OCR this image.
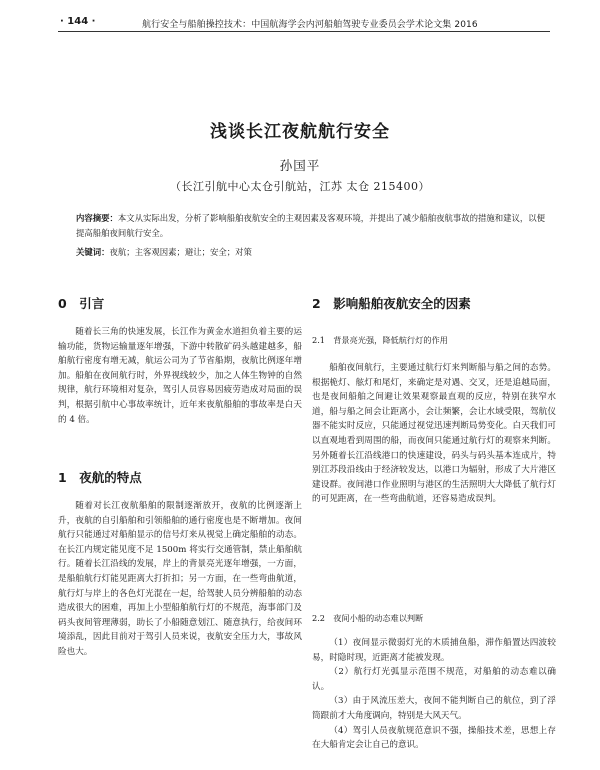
· 144 ·	航行安全与船舶操控技术：中国航海学会内河船舶驾驶专业委员会学术论文集 2016
浅谈长江夜航航行安全
孙国平
（长江引航中心太仓引航站，江苏 太仓 215400）
内容摘要：本文从实际出发，分析了影响船舶夜航安全的主观因素及客观环境，并提出了减少船舶夜航事故的措施和建议，以便提高船舶夜间航行安全。
关键词：夜航；主客观因素；避让；安全；对策
0　引言

随着长三角的快速发展，长江作为黄金水道担负着主要的运输功能，货物运输量逐年增强，下游中转散矿码头越建越多，船舶航行密度有增无减，航运公司为了节省船期，夜航比例逐年增加。船舶在夜间航行时，外界视线较少，加之人体生物钟的自然规律，航行环境相对复杂，驾引人员容易因疲劳造成对局面的误判，根据引航中心事故率统计，近年来夜航船舶的事故率是白天的 4 倍。

1　夜航的特点

随着对长江夜航船舶的限制逐渐放开，夜航的比例逐渐上升，夜航的自引船舶和引领船舶的通行密度也是不断增加。夜间航行只能通过对船舶显示的信号灯来从视觉上确定船舶的动态。在长江内规定能见度不足 1500m 将实行交通管制，禁止船舶航行。随着长江沿线的发展，岸上的背景亮光逐年增强，一方面，是船舶航行灯能见距离大打折扣；另一方面，在一些弯曲航道，航行灯与岸上的各色灯光混在一起，给驾驶人员分辨船舶的动态造成很大的困难，再加上小型船舶航行灯的不规范，海事部门及码头夜间管理薄弱，助长了小船随意划江、随意执行，给夜间环境添乱，因此目前对于驾引人员来说，夜航安全压力大，事故风险也大。

2　影响船舶夜航安全的因素
2.1　背景亮光强，降低航行灯的作用

船舶夜间航行，主要通过航行灯来判断船与船之间的态势。根据桅灯、舷灯和尾灯，来确定是对遇、交叉，还是追越局面，也是夜间船舶之间避让效果观察最直观的反应，特别在狭窄水道，船与船之间会让距离小，会让频繁，会让水域受限，驾航仪器不能实时反应，只能通过视觉迅速判断局势变化。白天我们可以直观地看到周围的船，而夜间只能通过航行灯的观察来判断。另外随着长江沿线港口的快速建设，码头与码头基本连成片，特别江苏段沿线由于经济较发达，以港口为辐射，形成了大片港区建设群。夜间港口作业照明与港区的生活照明大大降低了航行灯的可见距离，在一些弯曲航道，还容易造成误判。

2.2　夜间小船的动态难以判断

（1）夜间显示微弱灯光的木质捕鱼船，滞作船置达四波较易，时隐时现，近距离才能被发现。

（2）航行灯光弧显示范围不规范，对船舶的动态难以确认。

（3）由于风流压差大，夜间不能判断自己的航位，到了浮筒跟前才大角度调向，特别是大风天气。

（4）驾引人员夜航规范意识不强，操船技术差，思想上存在大船肯定会让自己的意识。
